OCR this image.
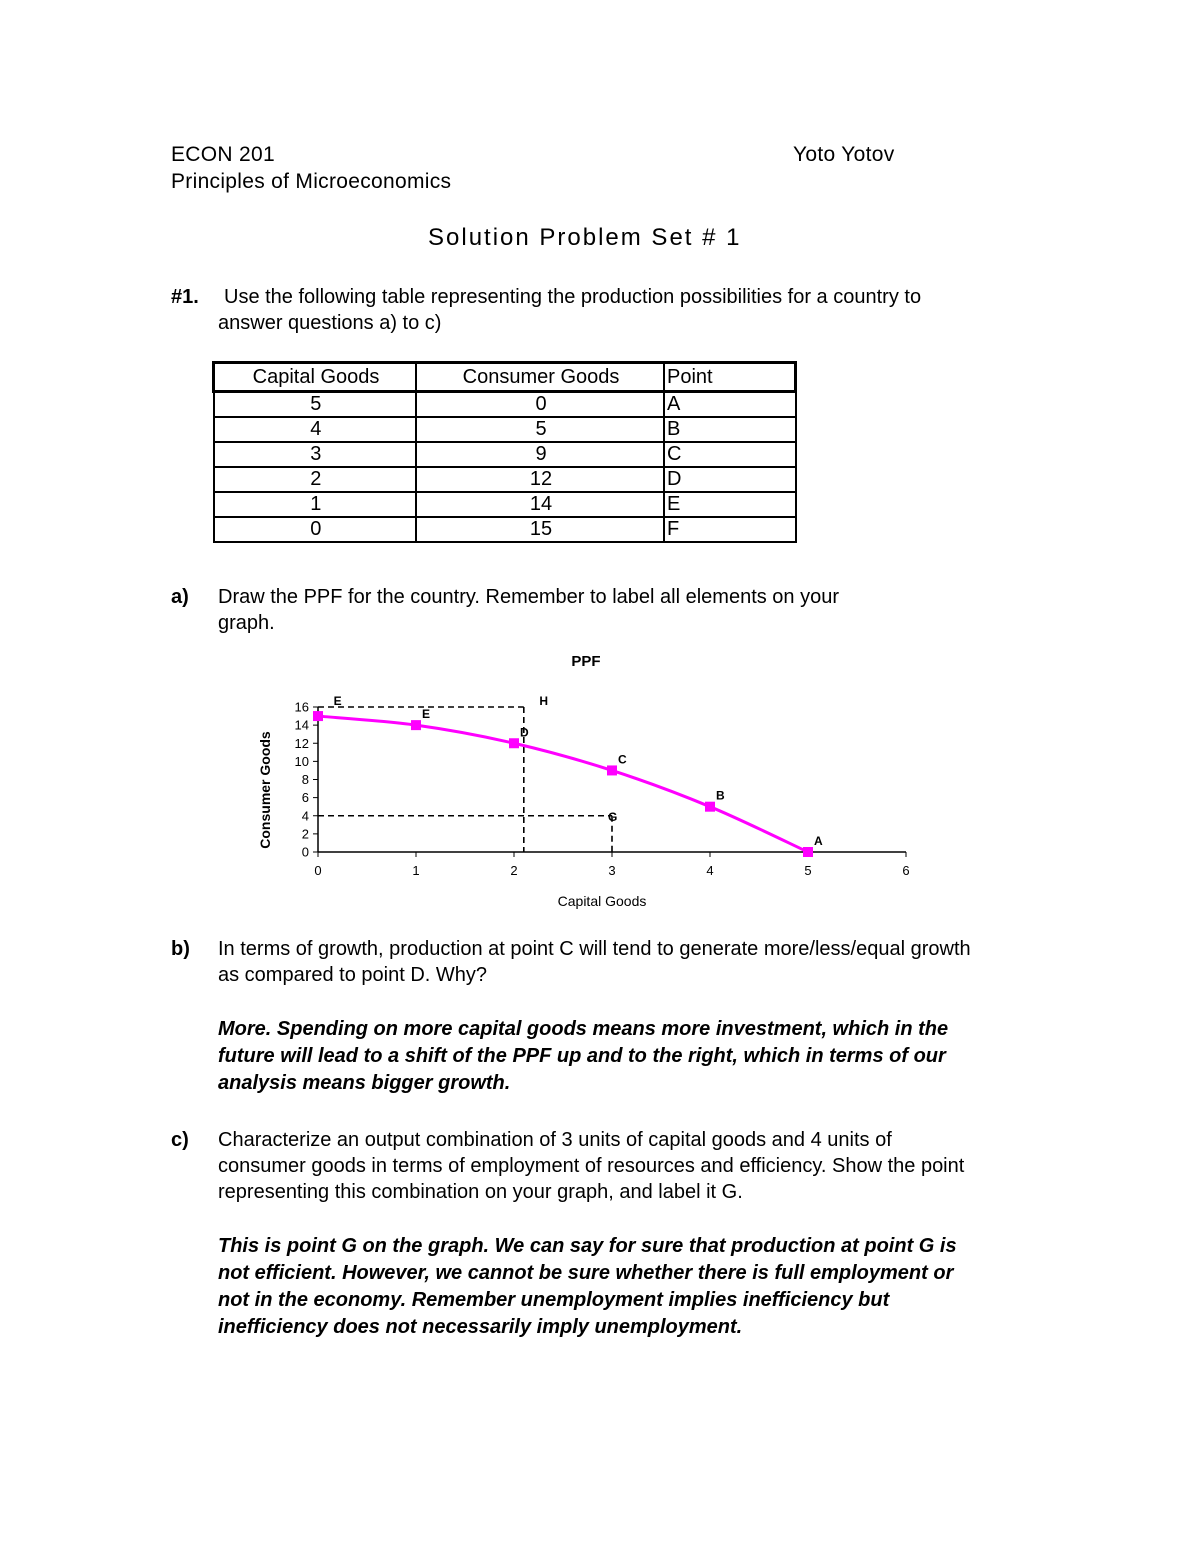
ECON 201
Principles of Microeconomics
Yoto Yotov
Solution Problem Set # 1
#1. Use the following table representing the production possibilities for a country to
answer questions a) to c)
Capital Goods	Consumer Goods	Point
5	0	A
4	5	B
3	9	C
2	12	D
1	14	E
0	15	F
a) Draw the PPF for the country. Remember to label all elements on your
graph.
PPF
0
2
4
6
8
10
12
14
16
0	1	2	3	4	5	6
E
D
C
B
A
E	H
G
Capital Goods
Consumer Goods
b) In terms of growth, production at point C will tend to generate more/less/equal growth
as compared to point D. Why?
More. Spending on more capital goods means more investment, which in the
future will lead to a shift of the PPF up and to the right, which in terms of our
analysis means bigger growth.
c) Characterize an output combination of 3 units of capital goods and 4 units of
consumer goods in terms of employment of resources and efficiency. Show the point
representing this combination on your graph, and label it G.
This is point G on the graph. We can say for sure that production at point G is
not efficient. However, we cannot be sure whether there is full employment or
not in the economy. Remember unemployment implies inefficiency but
inefficiency does not necessarily imply unemployment.
